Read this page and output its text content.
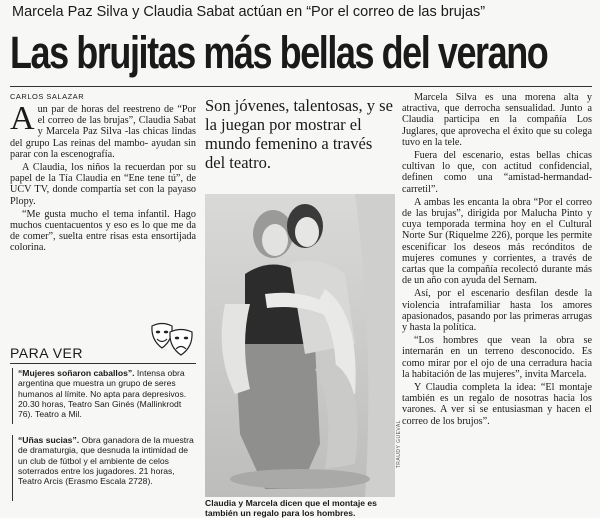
Marcela Paz Silva y Claudia Sabat actúan en “Por el correo de las brujas”
Las brujitas más bellas del verano
CARLOS SALAZAR

Aun par de horas del reestreno de “Por el correo de las brujas”, Claudia Sabat y Marcela Paz Silva -las chicas lindas del grupo Las reinas del mambo- ayudan sin parar con la escenografía.

A Claudia, los niños la recuerdan por su papel de la Tía Claudia en “Ene tene tú”, de UCV TV, donde compartía set con la payaso Plopy.

“Me gusta mucho el tema infantil. Hago muchos cuentacuentos y eso es lo que me da de comer”, suelta entre risas esta ensortijada colorina.

PARA VER
“Mujeres soñaron caballos”. Intensa obra argentina que muestra un grupo de seres humanos al límite. No apta para depresivos. 20.30 horas, Teatro San Ginés (Mallinkrodt 76). Teatro a Mil.
“Uñas sucias”. Obra ganadora de la muestra de dramaturgia, que desnuda la intimidad de un club de fútbol y el ambiente de celos soterrados entre los jugadores. 21 horas, Teatro Arcis (Erasmo Escala 2728).
Son jóvenes, talentosas, y se la juegan por mostrar el mundo femenino a través del teatro.
TRAUDY GUEVAL
Claudia y Marcela dicen que el montaje es también un regalo para los hombres.

Marcela Silva es una morena alta y atractiva, que derrocha sensualidad. Junto a Claudia participa en la compañía Los Juglares, que aprovecha el éxito que su colega tuvo en la tele.

Fuera del escenario, estas bellas chicas cultivan lo que, con actitud confidencial, definen como una “amistad-hermandad-carretil”.

A ambas les encanta la obra “Por el correo de las brujas”, dirigida por Malucha Pinto y cuya temporada termina hoy en el Cultural Norte Sur (Riquelme 226), porque les permite escenificar los deseos más recónditos de mujeres comunes y corrientes, a través de cartas que la compañía recolectó durante más de un año con ayuda del Sernam.

Así, por el escenario desfilan desde la violencia intrafamiliar hasta los amores apasionados, pasando por las primeras arrugas y hasta la política.

“Los hombres que vean la obra se internarán en un terreno desconocido. Es como mirar por el ojo de una cerradura hacia la habitación de las mujeres”, invita Marcela.

Y Claudia completa la idea: “El montaje también es un regalo de nosotras hacia los varones. A ver si se entusiasman y hacen el correo de los brujos”.
